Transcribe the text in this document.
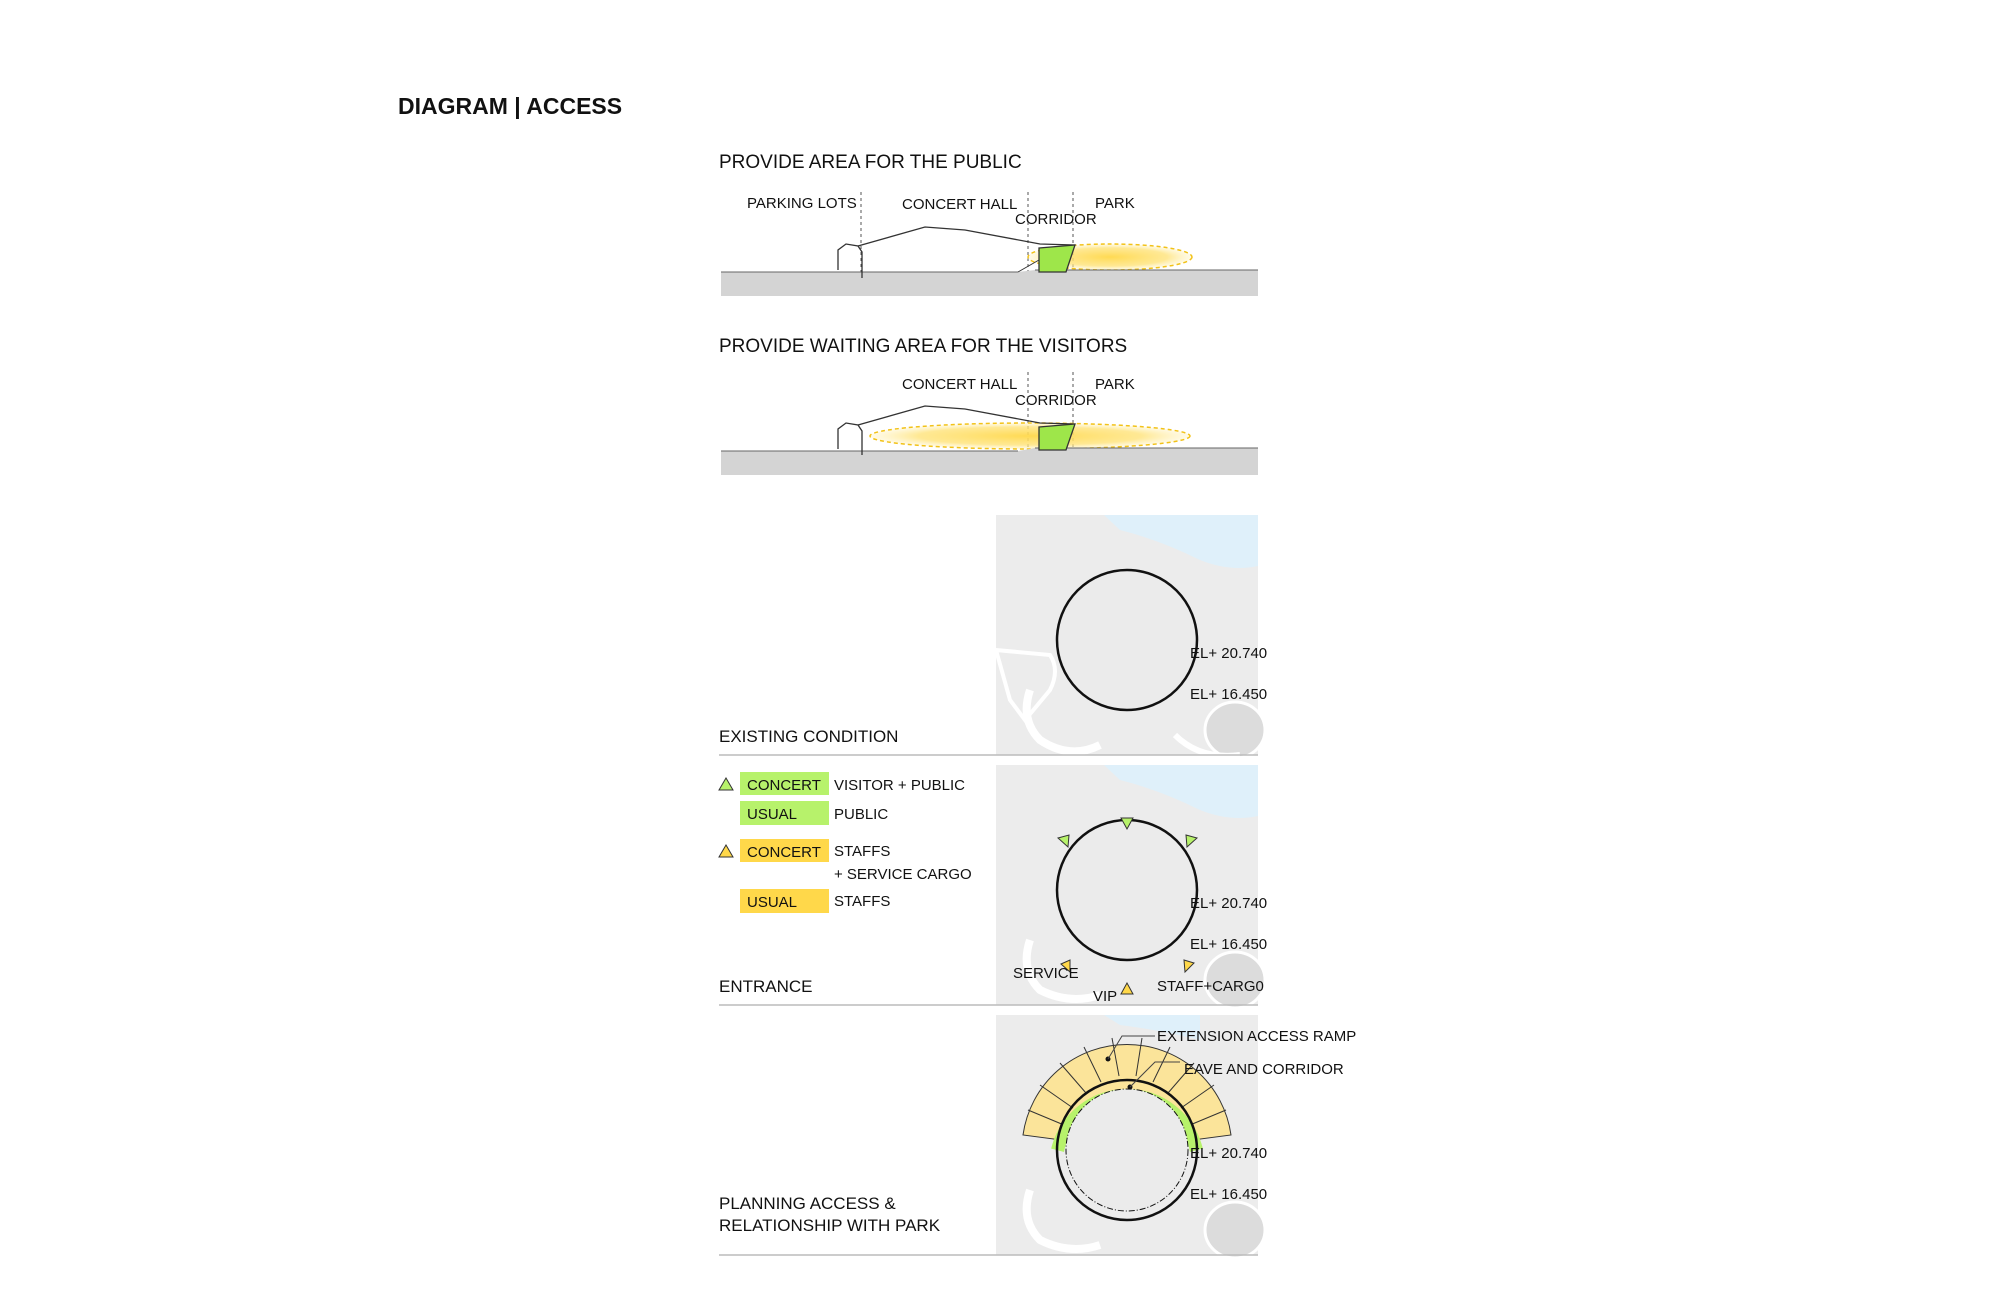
DIAGRAM | ACCESS
PROVIDE AREA FOR THE PUBLIC
PARKING LOTS	CONCERT HALL
CORRIDOR
PARK
PROVIDE WAITING AREA FOR THE VISITORS
CONCERT HALL
CORRIDOR
PARK
EL+ 20.740
EL+ 16.450
EXISTING CONDITION
CONCERT VISITOR + PUBLIC
USUAL PUBLIC
CONCERT STAFFS
+ SERVICE CARGO
USUAL STAFFS	EL+ 20.740
EL+ 16.450
SERVICE
VIP
STAFF+CARG0
ENTRANCE
EXTENSION ACCESS RAMP
EAVE AND CORRIDOR
EL+ 20.740
EL+ 16.450
PLANNING ACCESS &
RELATIONSHIP WITH PARK
